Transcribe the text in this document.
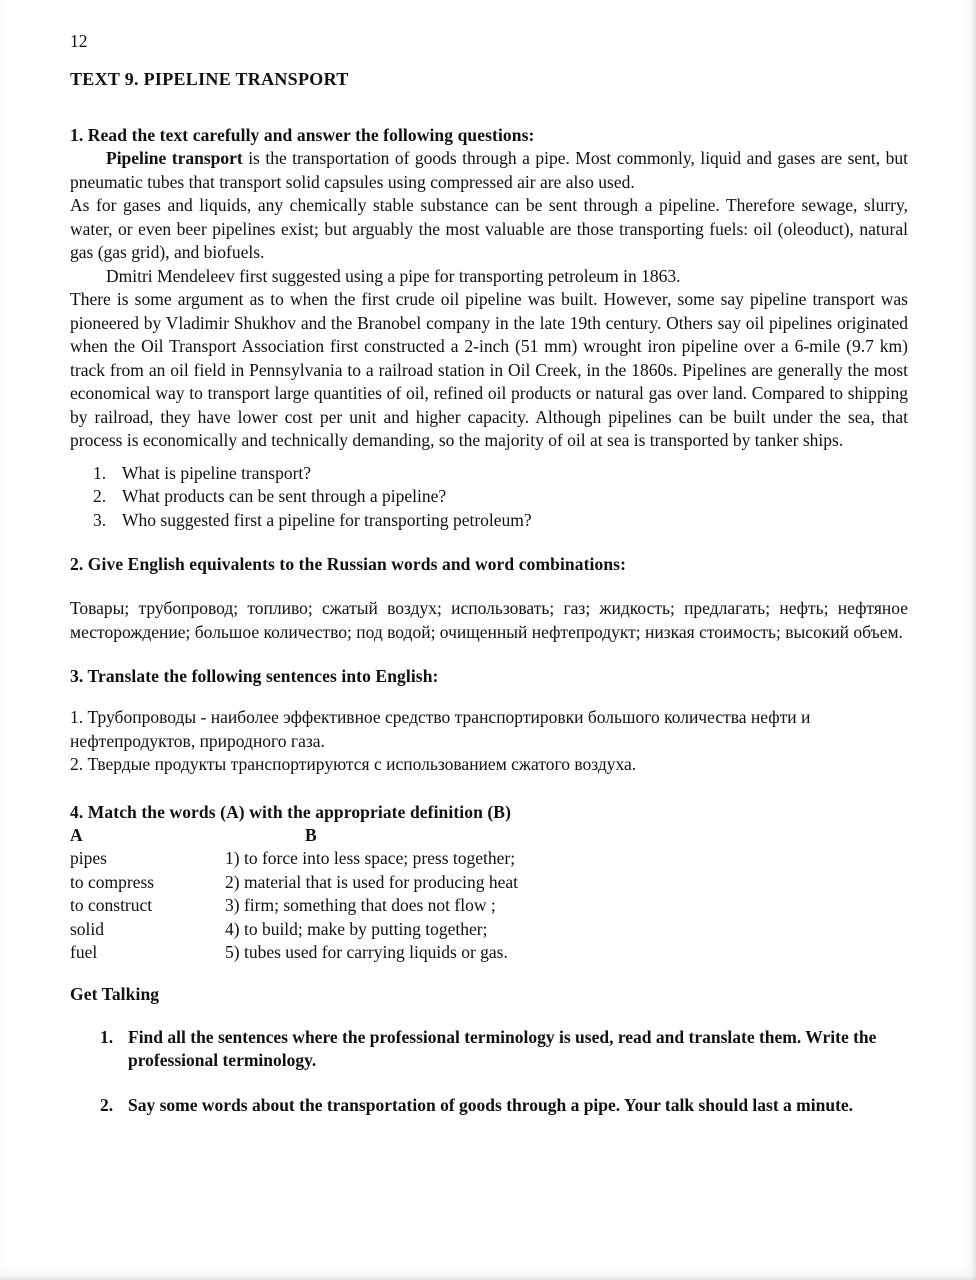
12
TEXT 9. PIPELINE TRANSPORT
1. Read the text carefully and answer the following questions:

Pipeline transport is the transportation of goods through a pipe. Most commonly, liquid and gases are sent, but pneumatic tubes that transport solid capsules using compressed air are also used.

As for gases and liquids, any chemically stable substance can be sent through a pipeline. Therefore sewage, slurry, water, or even beer pipelines exist; but arguably the most valuable are those transporting fuels: oil (oleoduct), natural gas (gas grid), and biofuels.

Dmitri Mendeleev first suggested using a pipe for transporting petroleum in 1863.

There is some argument as to when the first crude oil pipeline was built. However, some say pipeline transport was pioneered by Vladimir Shukhov and the Branobel company in the late 19th century. Others say oil pipelines originated when the Oil Transport Association first constructed a 2-inch (51 mm) wrought iron pipeline over a 6-mile (9.7 km) track from an oil field in Pennsylvania to a railroad station in Oil Creek, in the 1860s. Pipelines are generally the most economical way to transport large quantities of oil, refined oil products or natural gas over land. Compared to shipping by railroad, they have lower cost per unit and higher capacity. Although pipelines can be built under the sea, that process is economically and technically demanding, so the majority of oil at sea is transported by tanker ships.

1. What is pipeline transport?
2. What products can be sent through a pipeline?
3. Who suggested first a pipeline for transporting petroleum?
2. Give English equivalents to the Russian words and word combinations:

Товары; трубопровод; топливо; сжатый воздух; использовать; газ; жидкость; предлагать; нефть; нефтяное месторождение; большое количество; под водой; очищенный нефтепродукт; низкая стоимость; высокий объем.

3. Translate the following sentences into English:

1. Трубопроводы - наиболее эффективное средство транспортировки большого количества нефти и нефтепродуктов, природного газа.

2. Твердые продукты транспортируются с использованием сжатого воздуха.

4. Match the words (A) with the appropriate definition (B)
A	B
pipes	1) to force into less space; press together;
to compress	2) material that is used for producing heat
to construct	3) firm; something that does not flow ;
solid	4) to build; make by putting together;
fuel	5) tubes used for carrying liquids or gas.
Get Talking
1. Find all the sentences where the professional terminology is used, read and translate them. Write the professional terminology.
2. Say some words about the transportation of goods through a pipe. Your talk should last a minute.
